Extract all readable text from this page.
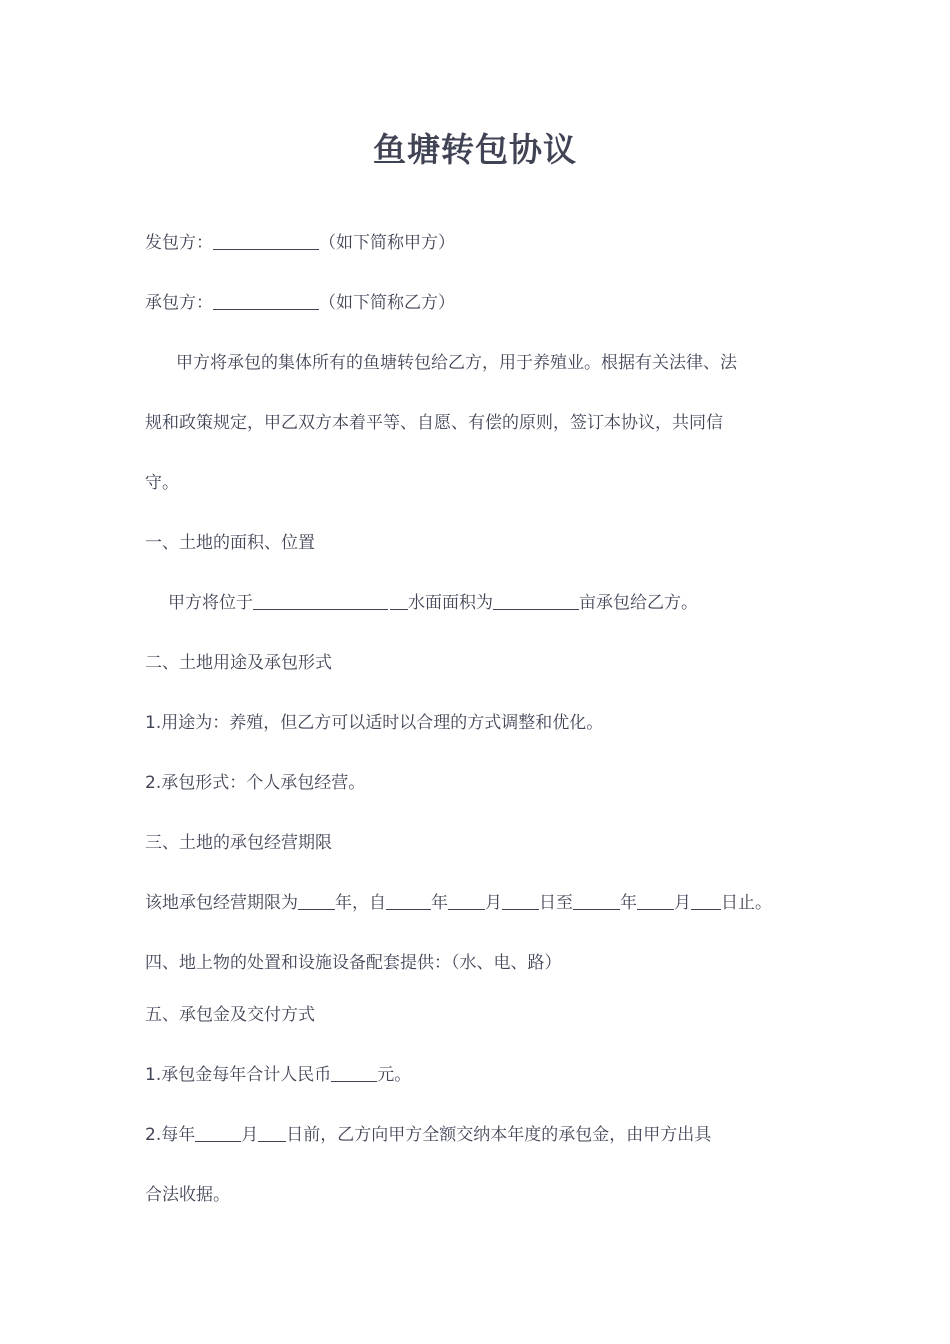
鱼塘转包协议
发包方：	（如下简称甲方）
承包方：	（如下简称乙方）
甲方将承包的集体所有的鱼塘转包给乙方，用于养殖业。根据有关法律、法
规和政策规定，甲乙双方本着平等、自愿、有偿的原则，签订本协议，共同信
守。
一、土地的面积、位置
甲方将位于	水面面积为	亩承包给乙方。
二、土地用途及承包形式
1.用途为：养殖，但乙方可以适时以合理的方式调整和优化。
2.承包形式：个人承包经营。
三、土地的承包经营期限
该地承包经营期限为 年，自	年 月 日至	年 月 日止。
四、地上物的处置和设施设备配套提供：（水、电、路）
五、承包金及交付方式
1.承包金每年合计人民币	元。
2.每年	月 日前，乙方向甲方全额交纳本年度的承包金，由甲方出具
合法收据。
